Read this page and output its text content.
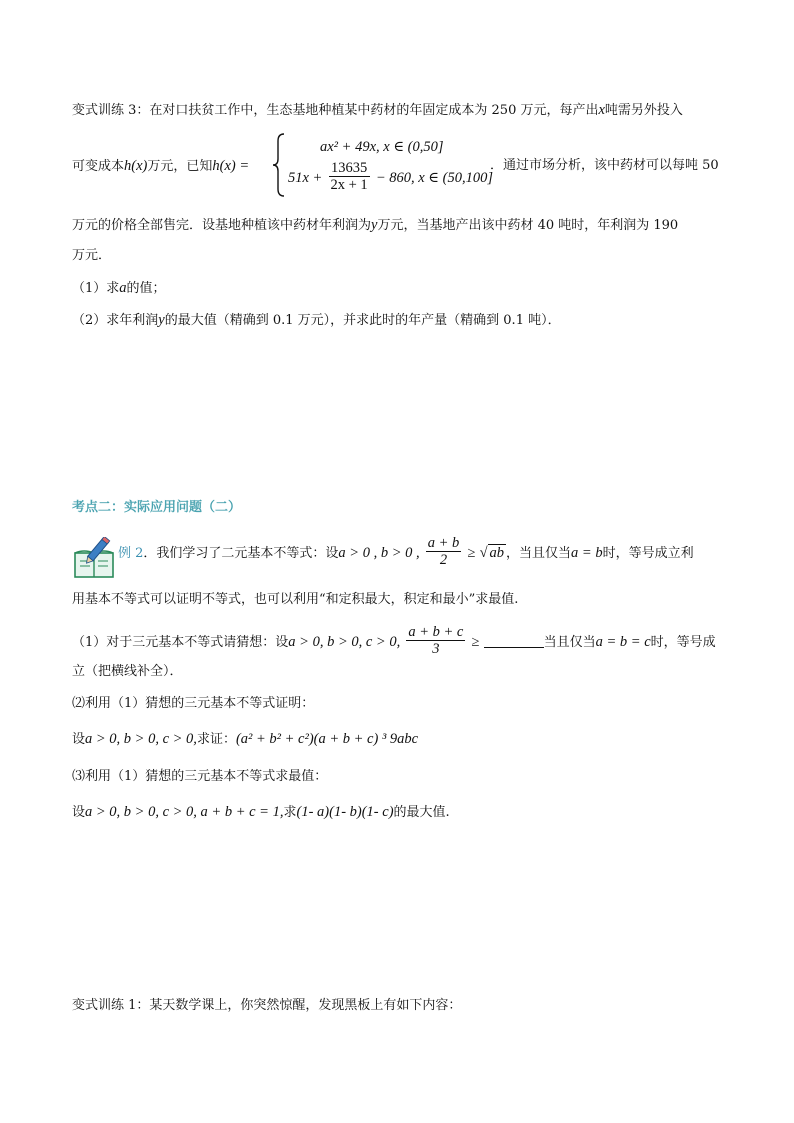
变式训练 3：在对口扶贫工作中，生态基地种植某中药材的年固定成本为 250 万元，每产出x吨需另外投入
可变成本h(x)万元，已知h(x) =
ax² + 49x, x ∈ (0,50]
$51x + \frac{13635}{2x + 1} - 860$, x ∈ (50,100]
．通过市场分析，该中药材可以每吨 50
万元的价格全部售完．设基地种植该中药材年利润为y万元，当基地产出该中药材 40 吨时，年利润为 190
万元．
（1）求a的值；
（2）求年利润y的最大值（精确到 0.1 万元），并求此时的年产量（精确到 0.1 吨）．
考点二：实际应用问题（二）
例 2．我们学习了二元基本不等式：设a > 0 , b > 0 , $\frac{a + b}{2}$ ≥ √ ab ，当且仅当a = b时，等号成立利
用基本不等式可以证明不等式，也可以利用“和定积最大，积定和最小”求最值.
（1）对于三元基本不等式请猜想：设a > 0, b > 0, c > 0, $\frac{a + b + c}{3}$ ≥	当且仅当a = b = c时，等号成
立（把横线补全）．
⑵利用（1）猜想的三元基本不等式证明：
设a > 0, b > 0, c > 0,求证：(a² + b² + c²)(a + b + c) ³ 9abc
⑶利用（1）猜想的三元基本不等式求最值：
设a > 0, b > 0, c > 0, a + b + c = 1,求(1- a)(1- b)(1- c)的最大值.
变式训练 1：某天数学课上，你突然惊醒，发现黑板上有如下内容：
